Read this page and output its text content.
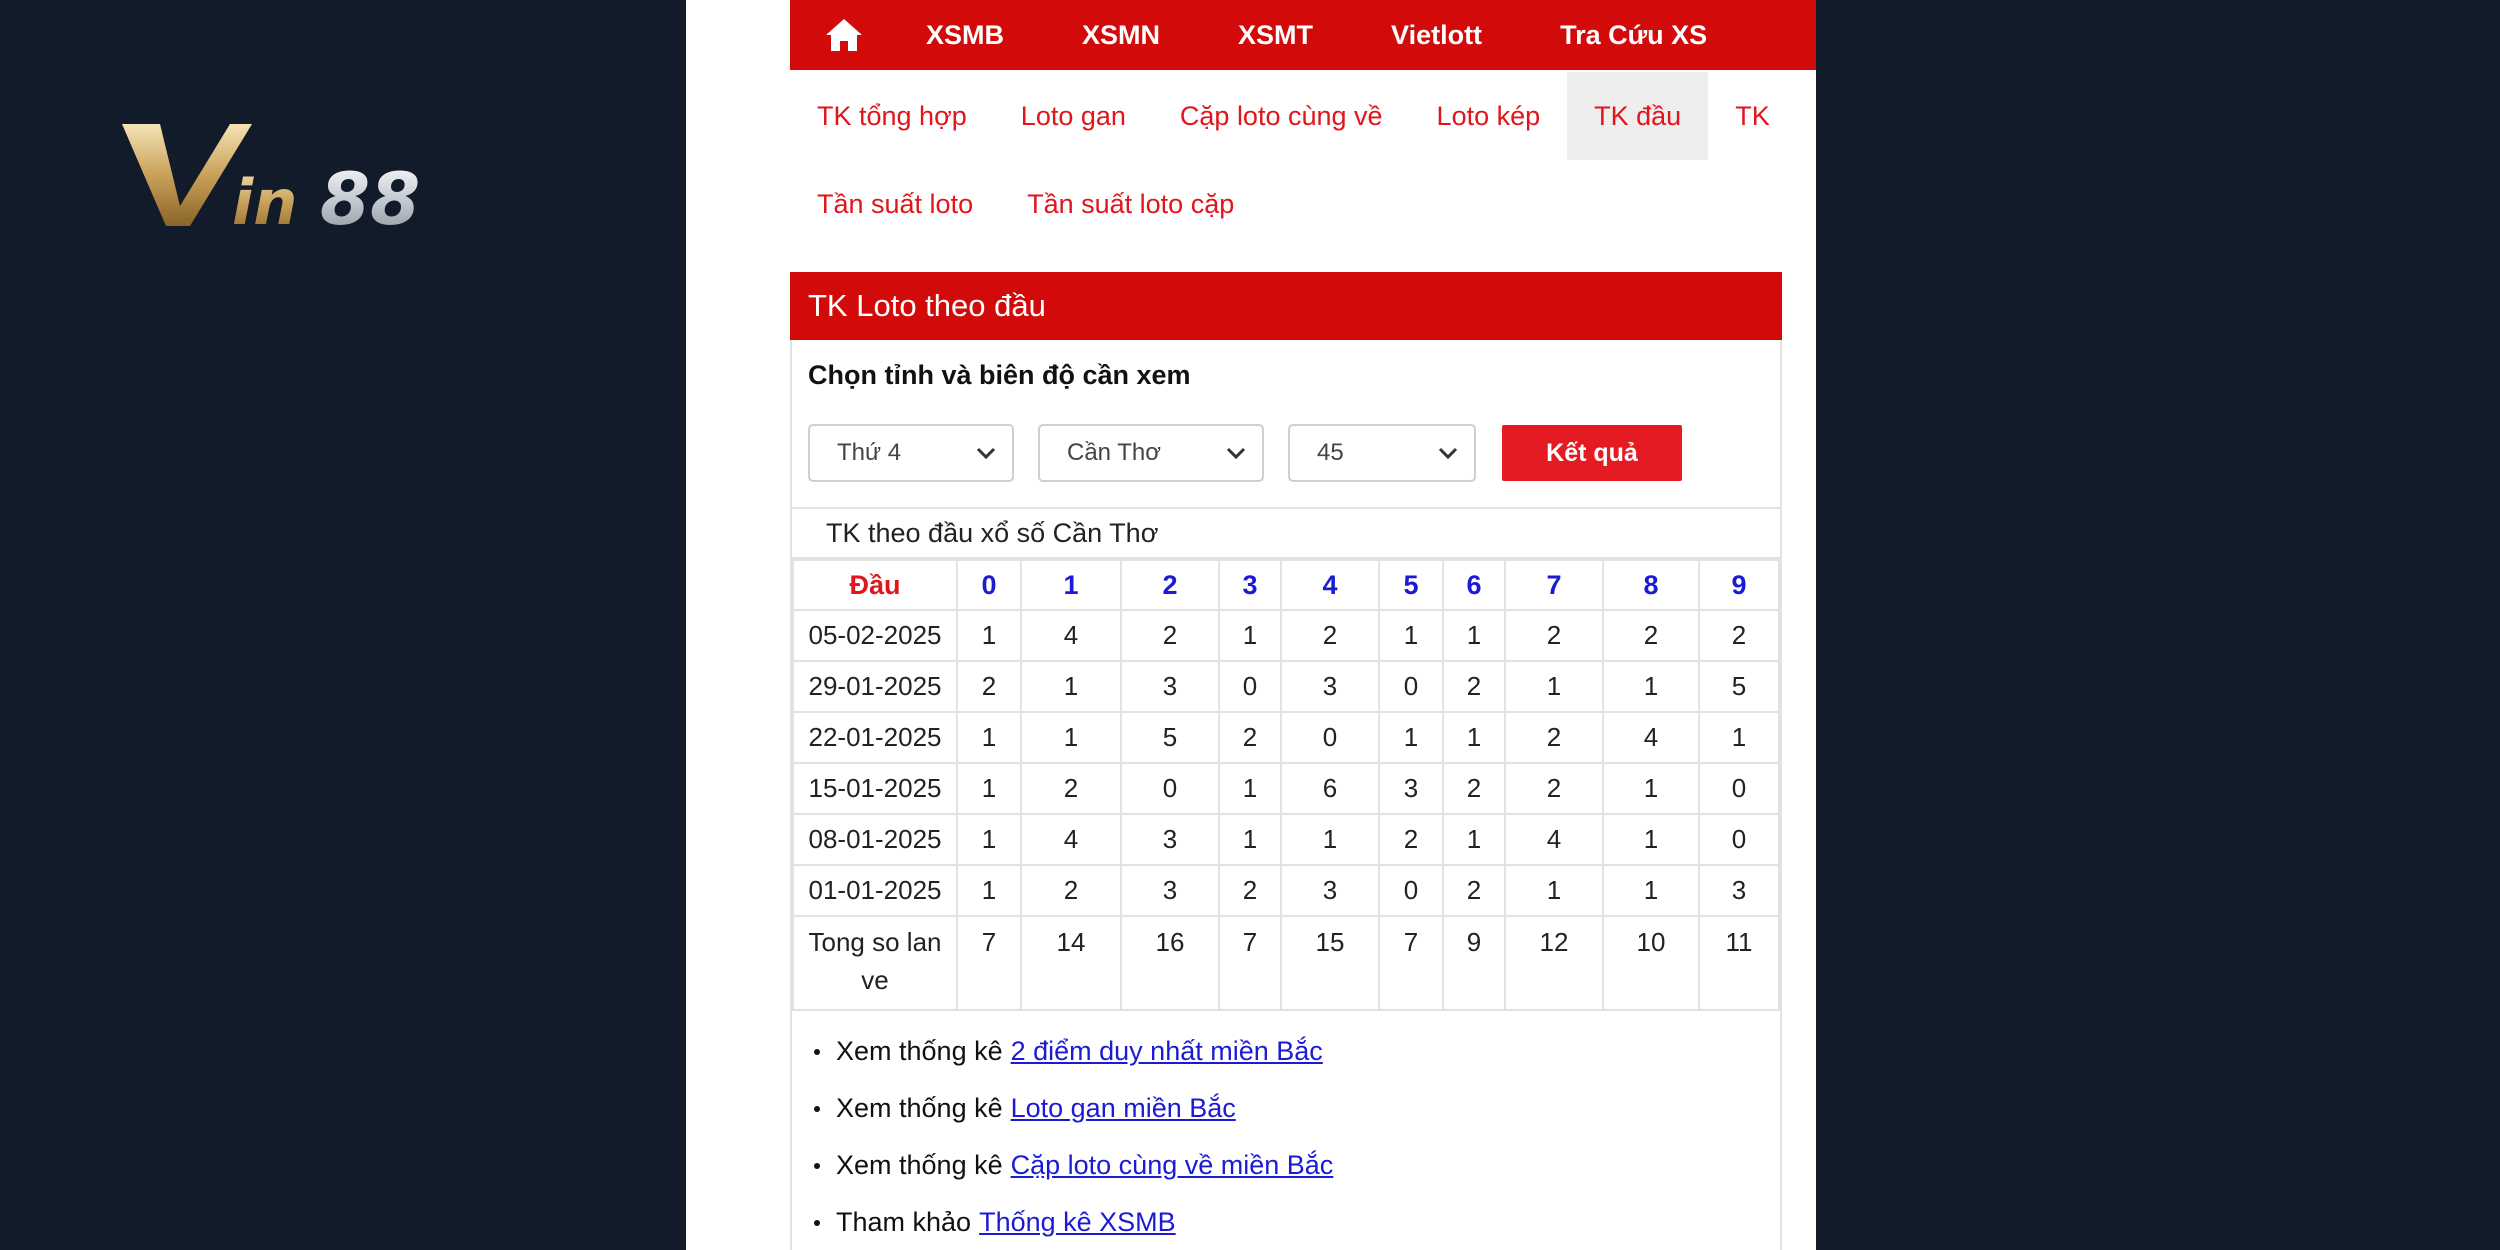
in 88
XSMB	XSMN	XSMT	Vietlott	Tra Cứu XS
TK tổng hợp	Loto gan	Cặp loto cùng về	Loto kép	TK đầu	TK
Tần suất loto	Tần suất loto cặp
TK Loto theo đầu
Chọn tỉnh và biên độ cần xem
Thứ 4	Cần Thơ	45	Kết quả
TK theo đầu xổ số Cần Thơ
Đầu	0	1	2	3	4	5	6	7	8	9
05-02-2025	1	4	2	1	2	1	1	2	2	2
29-01-2025	2	1	3	0	3	0	2	1	1	5
22-01-2025	1	1	5	2	0	1	1	2	4	1
15-01-2025	1	2	0	1	6	3	2	2	1	0
08-01-2025	1	4	3	1	1	2	1	4	1	0
01-01-2025	1	2	3	2	3	0	2	1	1	3

Tong so lan
ve	7	14	16	7	15	7	9	12	10	11
Xem thống kê 2 điểm duy nhất miền Bắc
Xem thống kê Loto gan miền Bắc
Xem thống kê Cặp loto cùng về miền Bắc
Tham khảo Thống kê XSMB
